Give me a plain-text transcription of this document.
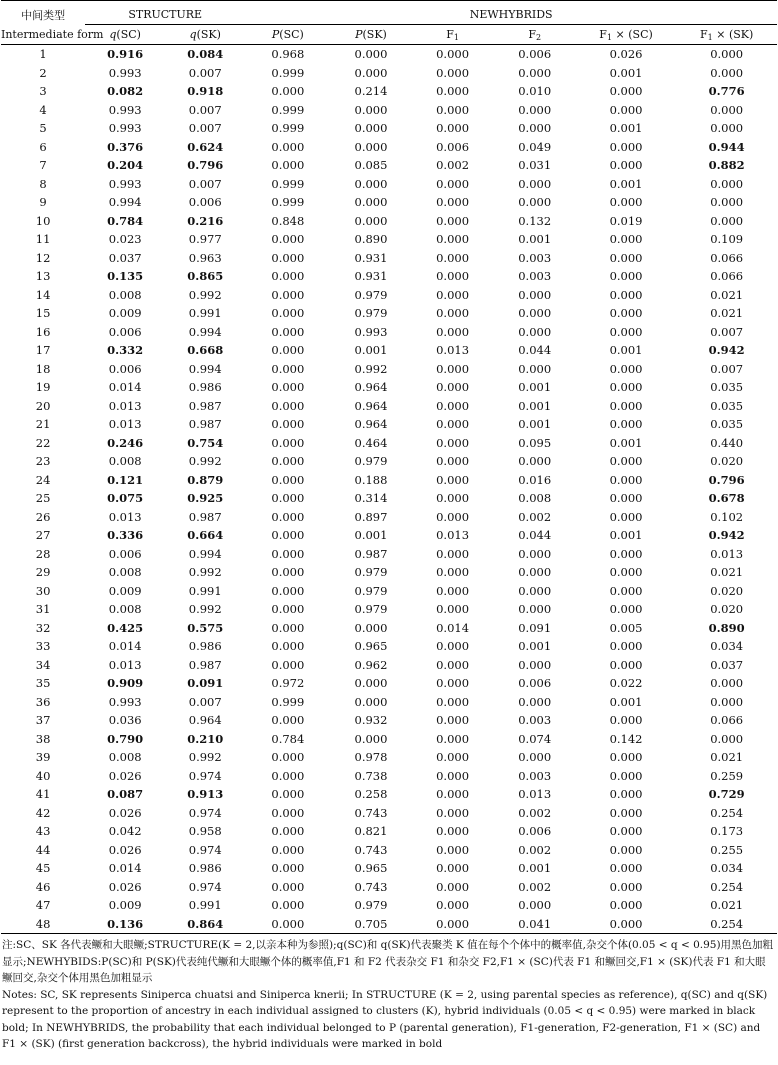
中间类型	STRUCTURE		NEWHYBRIDS					
Intermediate form	q(SC)	q(SK)	P(SC)	P(SK)	$F_1$	$F_2$	$F_1 \times (SC)$	$F_1 \times (SK)$
1	0.916	0.084	0.968	0.000	0.000	0.006	0.026	0.000
2	0.993	0.007	0.999	0.000	0.000	0.000	0.001	0.000
3	0.082	0.918	0.000	0.214	0.000	0.010	0.000	0.776
4	0.993	0.007	0.999	0.000	0.000	0.000	0.000	0.000
5	0.993	0.007	0.999	0.000	0.000	0.000	0.001	0.000
6	0.376	0.624	0.000	0.000	0.006	0.049	0.000	0.944
7	0.204	0.796	0.000	0.085	0.002	0.031	0.000	0.882
8	0.993	0.007	0.999	0.000	0.000	0.000	0.001	0.000
9	0.994	0.006	0.999	0.000	0.000	0.000	0.000	0.000
10	0.784	0.216	0.848	0.000	0.000	0.132	0.019	0.000
11	0.023	0.977	0.000	0.890	0.000	0.001	0.000	0.109
12	0.037	0.963	0.000	0.931	0.000	0.003	0.000	0.066
13	0.135	0.865	0.000	0.931	0.000	0.003	0.000	0.066
14	0.008	0.992	0.000	0.979	0.000	0.000	0.000	0.021
15	0.009	0.991	0.000	0.979	0.000	0.000	0.000	0.021
16	0.006	0.994	0.000	0.993	0.000	0.000	0.000	0.007
17	0.332	0.668	0.000	0.001	0.013	0.044	0.001	0.942
18	0.006	0.994	0.000	0.992	0.000	0.000	0.000	0.007
19	0.014	0.986	0.000	0.964	0.000	0.001	0.000	0.035
20	0.013	0.987	0.000	0.964	0.000	0.001	0.000	0.035
21	0.013	0.987	0.000	0.964	0.000	0.001	0.000	0.035
22	0.246	0.754	0.000	0.464	0.000	0.095	0.001	0.440
23	0.008	0.992	0.000	0.979	0.000	0.000	0.000	0.020
24	0.121	0.879	0.000	0.188	0.000	0.016	0.000	0.796
25	0.075	0.925	0.000	0.314	0.000	0.008	0.000	0.678
26	0.013	0.987	0.000	0.897	0.000	0.002	0.000	0.102
27	0.336	0.664	0.000	0.001	0.013	0.044	0.001	0.942
28	0.006	0.994	0.000	0.987	0.000	0.000	0.000	0.013
29	0.008	0.992	0.000	0.979	0.000	0.000	0.000	0.021
30	0.009	0.991	0.000	0.979	0.000	0.000	0.000	0.020
31	0.008	0.992	0.000	0.979	0.000	0.000	0.000	0.020
32	0.425	0.575	0.000	0.000	0.014	0.091	0.005	0.890
33	0.014	0.986	0.000	0.965	0.000	0.001	0.000	0.034
34	0.013	0.987	0.000	0.962	0.000	0.000	0.000	0.037
35	0.909	0.091	0.972	0.000	0.000	0.006	0.022	0.000
36	0.993	0.007	0.999	0.000	0.000	0.000	0.001	0.000
37	0.036	0.964	0.000	0.932	0.000	0.003	0.000	0.066
38	0.790	0.210	0.784	0.000	0.000	0.074	0.142	0.000
39	0.008	0.992	0.000	0.978	0.000	0.000	0.000	0.021
40	0.026	0.974	0.000	0.738	0.000	0.003	0.000	0.259
41	0.087	0.913	0.000	0.258	0.000	0.013	0.000	0.729
42	0.026	0.974	0.000	0.743	0.000	0.002	0.000	0.254
43	0.042	0.958	0.000	0.821	0.000	0.006	0.000	0.173
44	0.026	0.974	0.000	0.743	0.000	0.002	0.000	0.255
45	0.014	0.986	0.000	0.965	0.000	0.001	0.000	0.034
46	0.026	0.974	0.000	0.743	0.000	0.002	0.000	0.254
47	0.009	0.991	0.000	0.979	0.000	0.000	0.000	0.021
48	0.136	0.864	0.000	0.705	0.000	0.041	0.000	0.254

注:SC、SK 各代表鳜和大眼鳜;STRUCTURE(K = 2,以亲本种为参照);q(SC)和 q(SK)代表聚类 K 值在每个个体中的概率值,杂交个体(0.05 < q < 0.95)用黑色加粗显示;NEWHYBIDS:P(SC)和 P(SK)代表纯代鳜和大眼鳜个体的概率值,F1 和 F2 代表杂交 F1 和杂交 F2,F1 × (SC)代表 F1 和鳜回交,F1 × (SK)代表 F1 和大眼鳜回交,杂交个体用黑色加粗显示

Notes: SC, SK represents Siniperca chuatsi and Siniperca knerii; In STRUCTURE (K = 2, using parental species as reference), q(SC) and q(SK) represent to the proportion of ancestry in each individual assigned to clusters (K), hybrid individuals (0.05 < q < 0.95) were marked in black bold; In NEWHYBRIDS, the probability that each individual belonged to P (parental generation), F1-generation, F2-generation, F1 × (SC) and F1 × (SK) (first generation backcross), the hybrid individuals were marked in bold
